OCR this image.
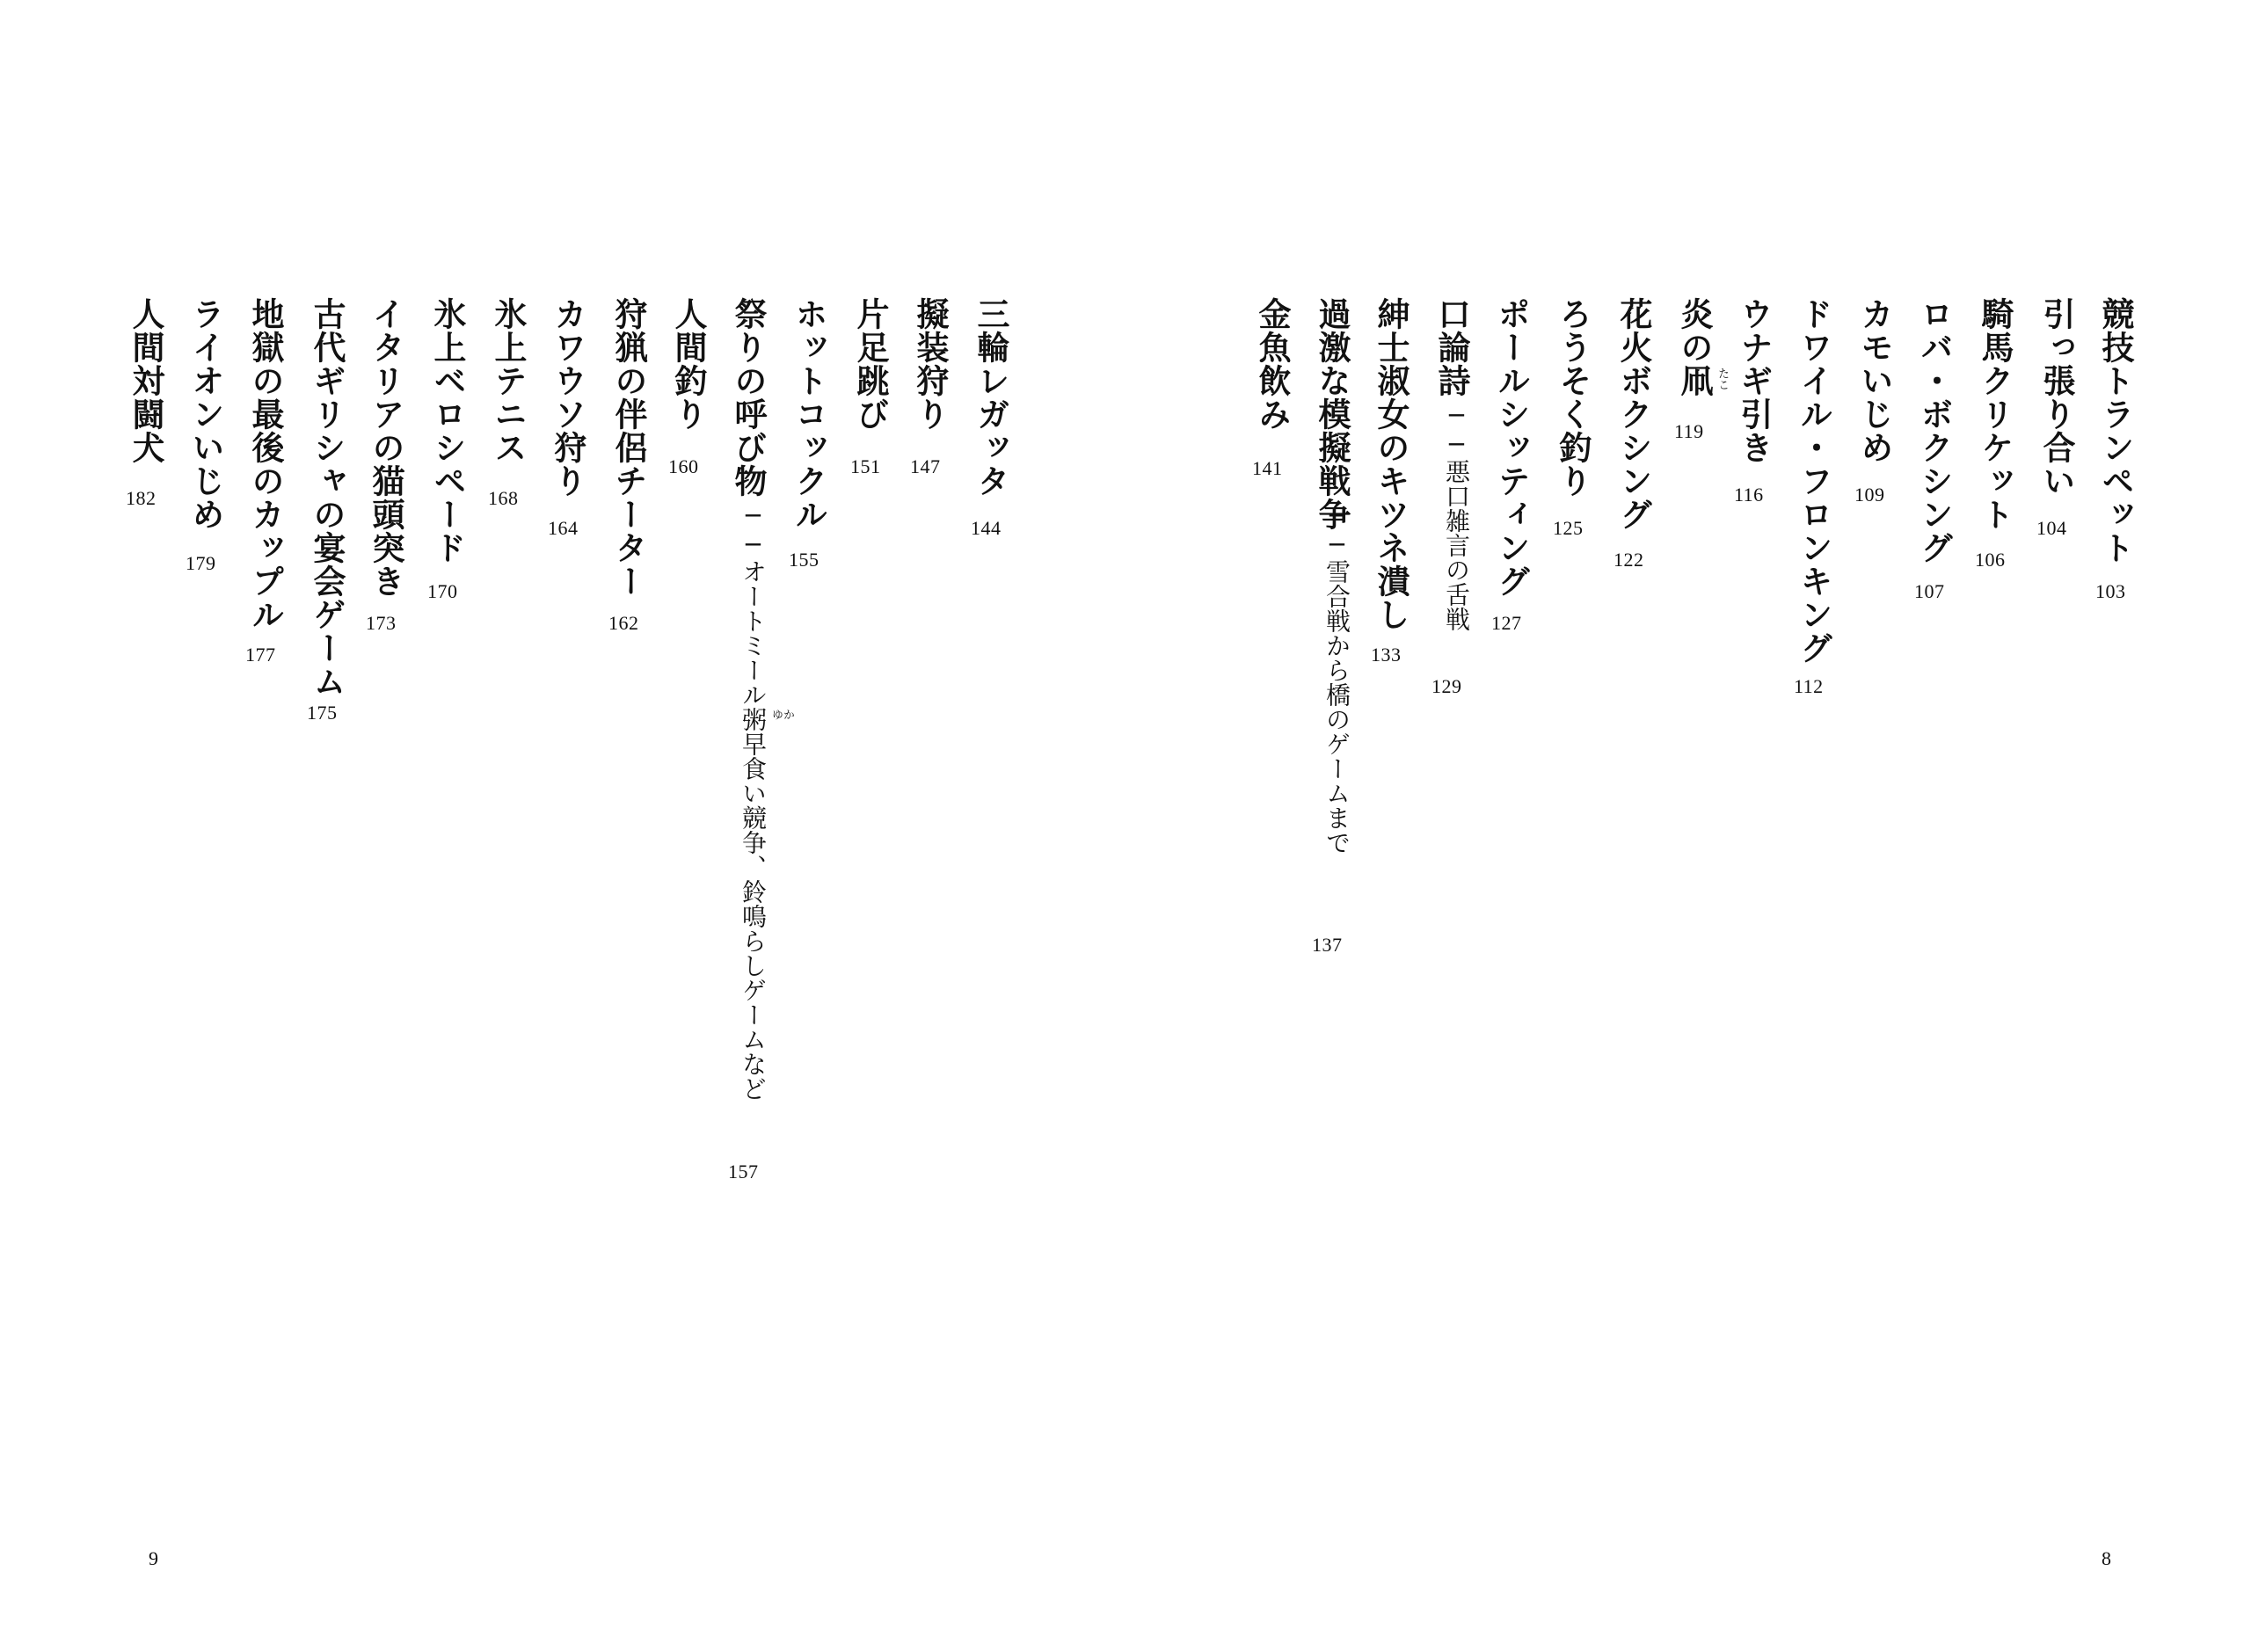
競技トランペット
103
引っ張り合い
104
騎馬クリケット
106
ロバ・ボクシング
107
カモいじめ
109
ドワイル・フロンキング
112
ウナギ引き
116
炎の凧 たこ
119
花火ボクシング
122
ろうそく釣り
125
ポールシッティング
127
口論詩
──悪口雑言の舌戦
129
紳士淑女のキツネ潰し
133
過激な模擬戦争
──雪合戦から橋のゲームまで
137
金魚飲み
141
8
三輪レガッタ
144
擬装狩り
147
片足跳び
151
ホットコックル
155
祭りの呼び物
──オートミール粥早食い競争、鈴鳴らしゲームなど	かゆ
157
人間釣り
160
狩猟の伴侶チーター
162
カワウソ狩り
164
氷上テニス
168
氷上ベロシペード
170
イタリアの猫頭突き
173
古代ギリシャの宴会ゲーム
175
地獄の最後のカップル
177
ライオンいじめ
179
人間対闘犬
182
9
